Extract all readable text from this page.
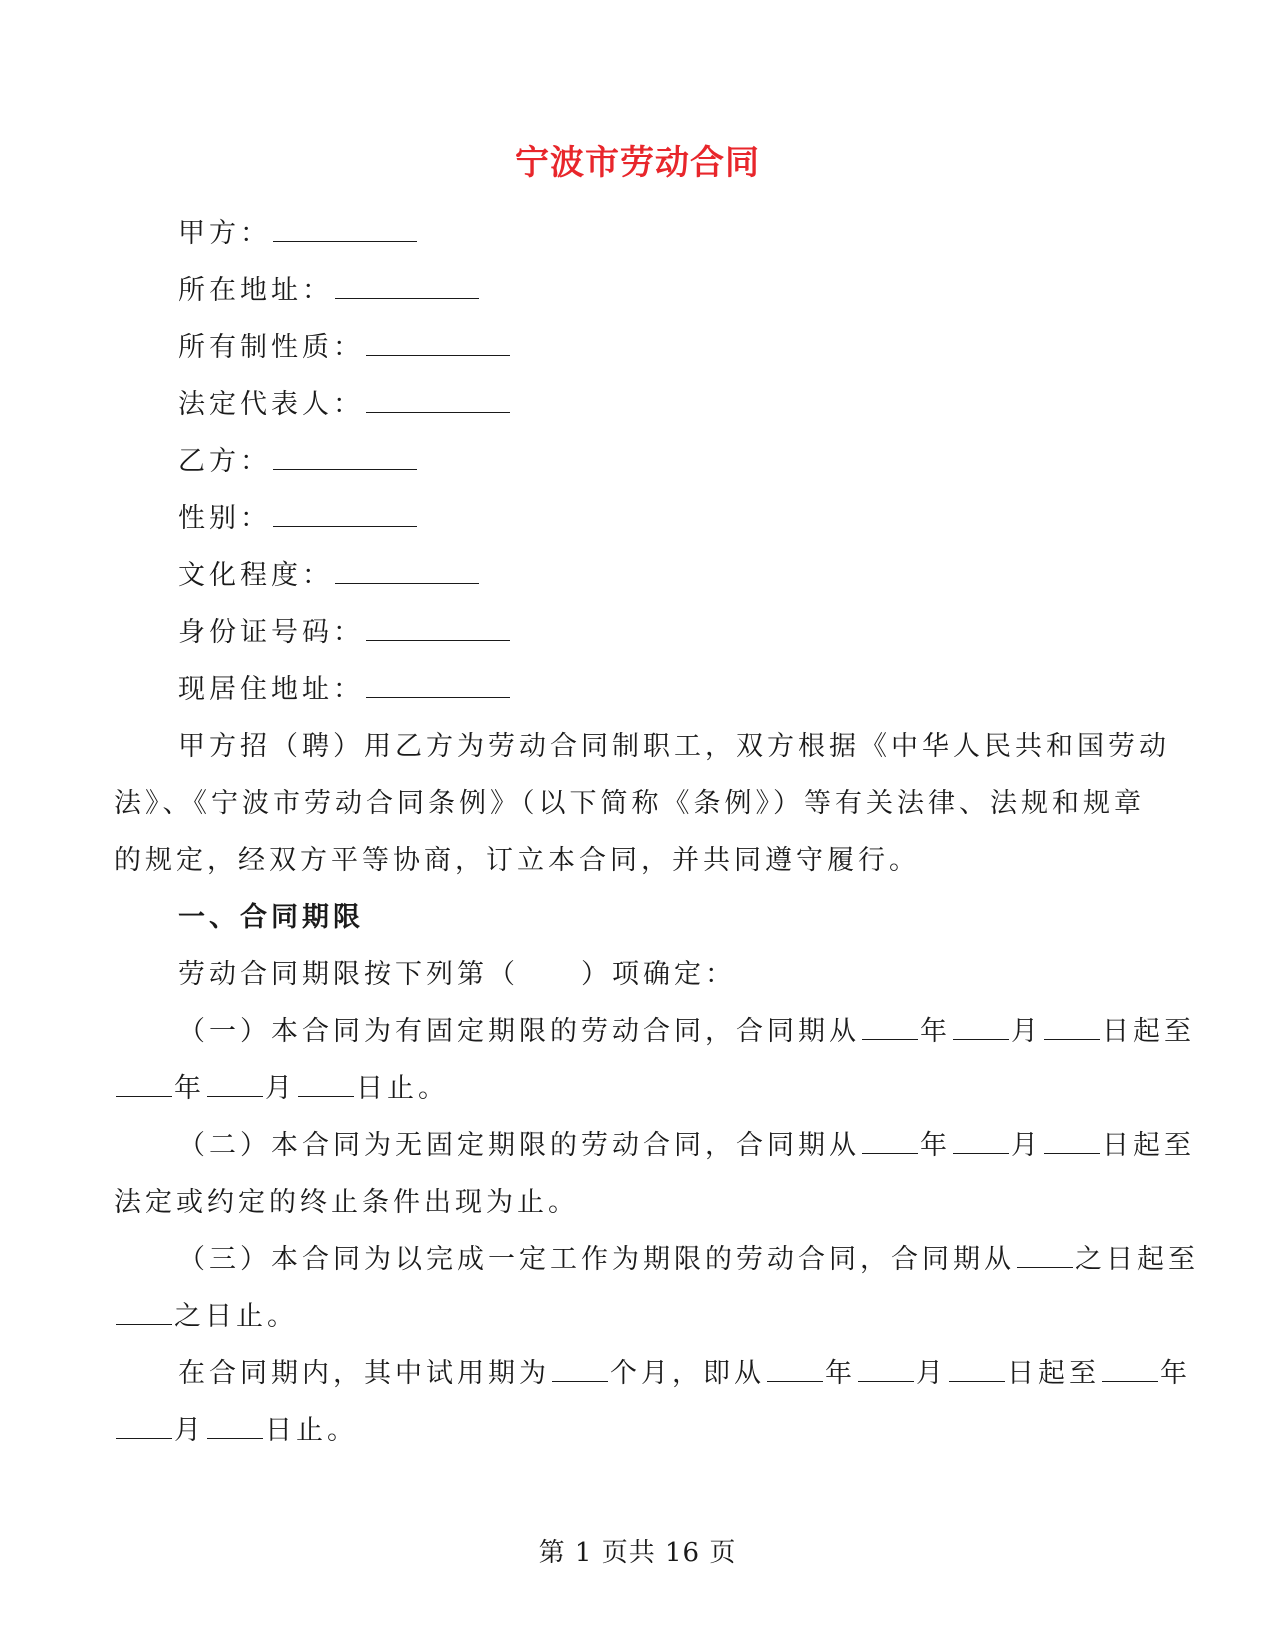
宁波市劳动合同
甲方：
所在地址：
所有制性质：
法定代表人：
乙方：
性别：
文化程度：
身份证号码：
现居住地址：
甲方招（聘）用乙方为劳动合同制职工，双方根据《中华人民共和国劳动
法》、《宁波市劳动合同条例》（以下简称《条例》）等有关法律、法规和规章
的规定，经双方平等协商，订立本合同，并共同遵守履行。
一、合同期限
劳动合同期限按下列第（　　）项确定：
（一）本合同为有固定期限的劳动合同，合同期从 年 月 日起至
年 月 日止。
（二）本合同为无固定期限的劳动合同，合同期从 年 月 日起至
法定或约定的终止条件出现为止。
（三）本合同为以完成一定工作为期限的劳动合同，合同期从 之日起至
之日止。
在合同期内，其中试用期为 个月，即从 年 月 日起至 年
月 日止。
第 1 页共 16 页
